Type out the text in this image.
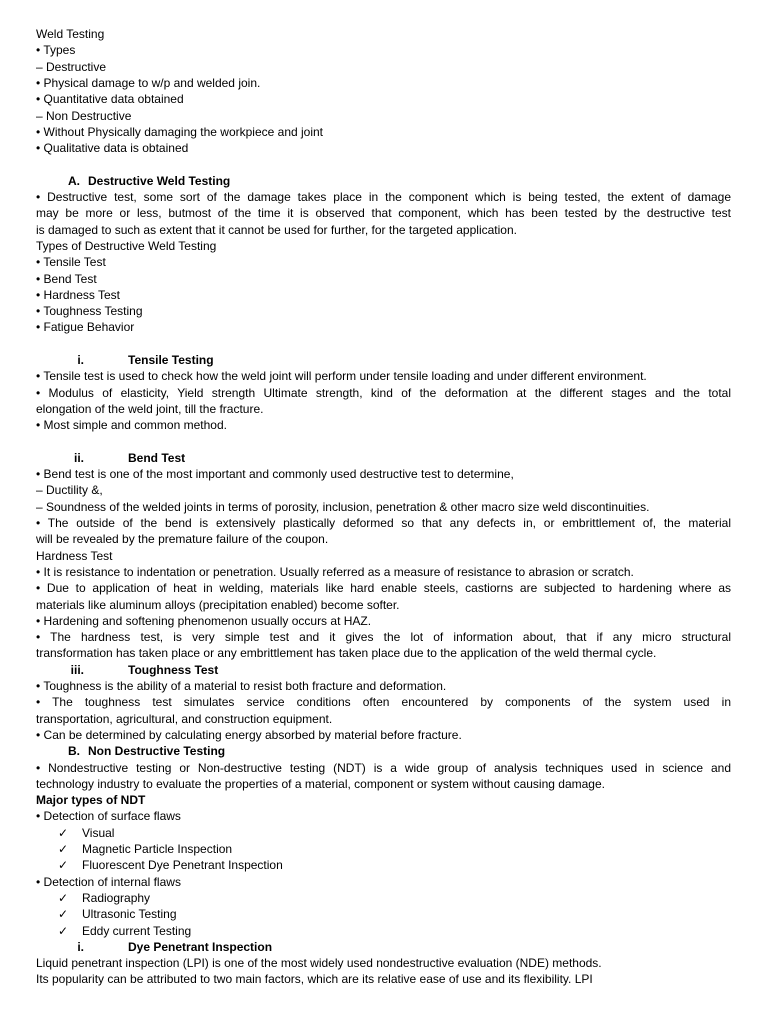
Weld Testing
• Types
– Destructive
• Physical damage to w/p and welded join.
• Quantitative data obtained
– Non Destructive
• Without Physically damaging the workpiece and joint
• Qualitative data is obtained
A. Destructive Weld Testing
• Destructive test, some sort of the damage takes place in the component which is being tested, the extent of damage
may be more or less, butmost of the time it is observed that component, which has been tested by the destructive test
is damaged to such as extent that it cannot be used for further, for the targeted application.
Types of Destructive Weld Testing
• Tensile Test
• Bend Test
• Hardness Test
• Toughness Testing
• Fatigue Behavior
i.	Tensile Testing
• Tensile test is used to check how the weld joint will perform under tensile loading and under different environment.
• Modulus of elasticity, Yield strength Ultimate strength, kind of the deformation at the different stages and the total
elongation of the weld joint, till the fracture.
• Most simple and common method.
ii.	Bend Test
• Bend test is one of the most important and commonly used destructive test to determine,
– Ductility &,
– Soundness of the welded joints in terms of porosity, inclusion, penetration & other macro size weld discontinuities.
• The outside of the bend is extensively plastically deformed so that any defects in, or embrittlement of, the material
will be revealed by the premature failure of the coupon.
Hardness Test
• It is resistance to indentation or penetration. Usually referred as a measure of resistance to abrasion or scratch.
• Due to application of heat in welding, materials like hard enable steels, castiorns are subjected to hardening where as
materials like aluminum alloys (precipitation enabled) become softer.
• Hardening and softening phenomenon usually occurs at HAZ.
• The hardness test, is very simple test and it gives the lot of information about, that if any micro structural
transformation has taken place or any embrittlement has taken place due to the application of the weld thermal cycle.
iii.	Toughness Test
• Toughness is the ability of a material to resist both fracture and deformation.
• The toughness test simulates service conditions often encountered by components of the system used in
transportation, agricultural, and construction equipment.
• Can be determined by calculating energy absorbed by material before fracture.
B. Non Destructive Testing
• Nondestructive testing or Non-destructive testing (NDT) is a wide group of analysis techniques used in science and
technology industry to evaluate the properties of a material, component or system without causing damage.
Major types of NDT
• Detection of surface flaws
✓ Visual
✓ Magnetic Particle Inspection
✓ Fluorescent Dye Penetrant Inspection
• Detection of internal flaws
✓ Radiography
✓ Ultrasonic Testing
✓ Eddy current Testing
i.	Dye Penetrant Inspection
Liquid penetrant inspection (LPI) is one of the most widely used nondestructive evaluation (NDE) methods.
Its popularity can be attributed to two main factors, which are its relative ease of use and its flexibility. LPI
